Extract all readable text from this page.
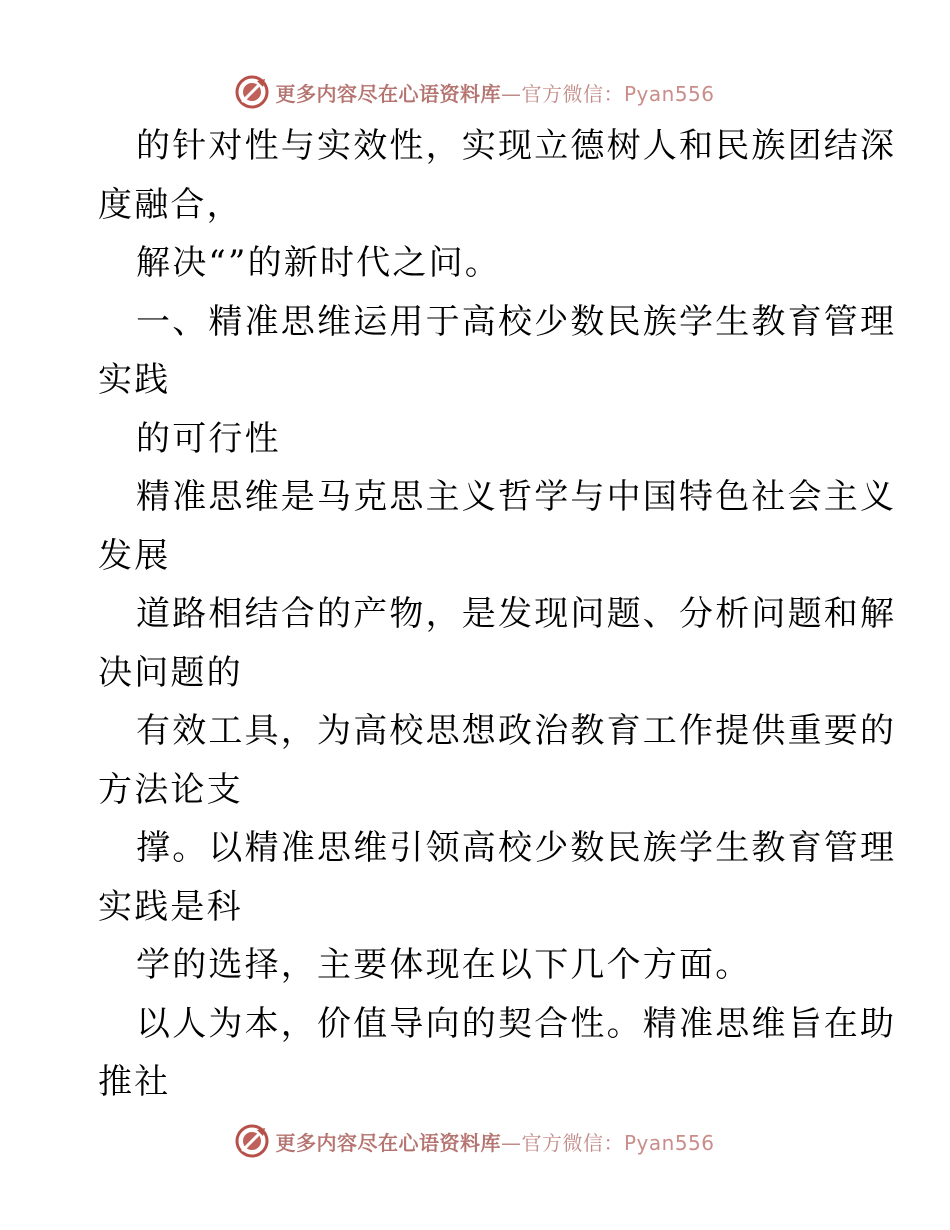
更多内容尽在心语资料库—官方微信：Pyan556
的针对性与实效性，实现立德树人和民族团结深
度融合，
解决“”的新时代之问。
一、精准思维运用于高校少数民族学生教育管理
实践
的可行性
精准思维是马克思主义哲学与中国特色社会主义
发展
道路相结合的产物，是发现问题、分析问题和解
决问题的
有效工具，为高校思想政治教育工作提供重要的
方法论支
撑。以精准思维引领高校少数民族学生教育管理
实践是科
学的选择，主要体现在以下几个方面。
以人为本，价值导向的契合性。精准思维旨在助
推社
更多内容尽在心语资料库—官方微信：Pyan556
